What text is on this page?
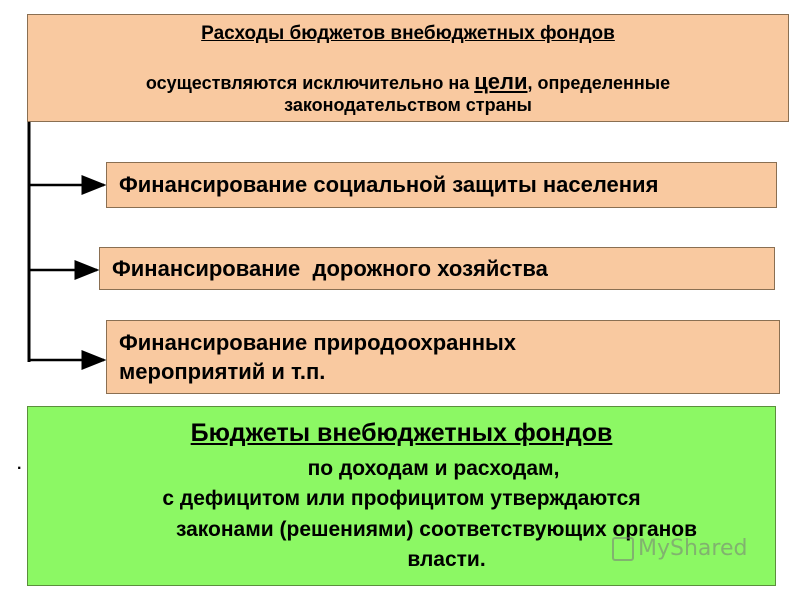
Расходы бюджетов внебюджетных фондов
осуществляются исключительно на цели, определенные
законодательством страны
Финансирование социальной защиты населения
Финансирование  дорожного хозяйства
Финансирование природоохранных
мероприятий и т.п.
.
Бюджеты внебюджетных фондов
по доходам и расходам,
с дефицитом или профицитом утверждаются
законами (решениями) соответствующих органов
власти.	MyShared
